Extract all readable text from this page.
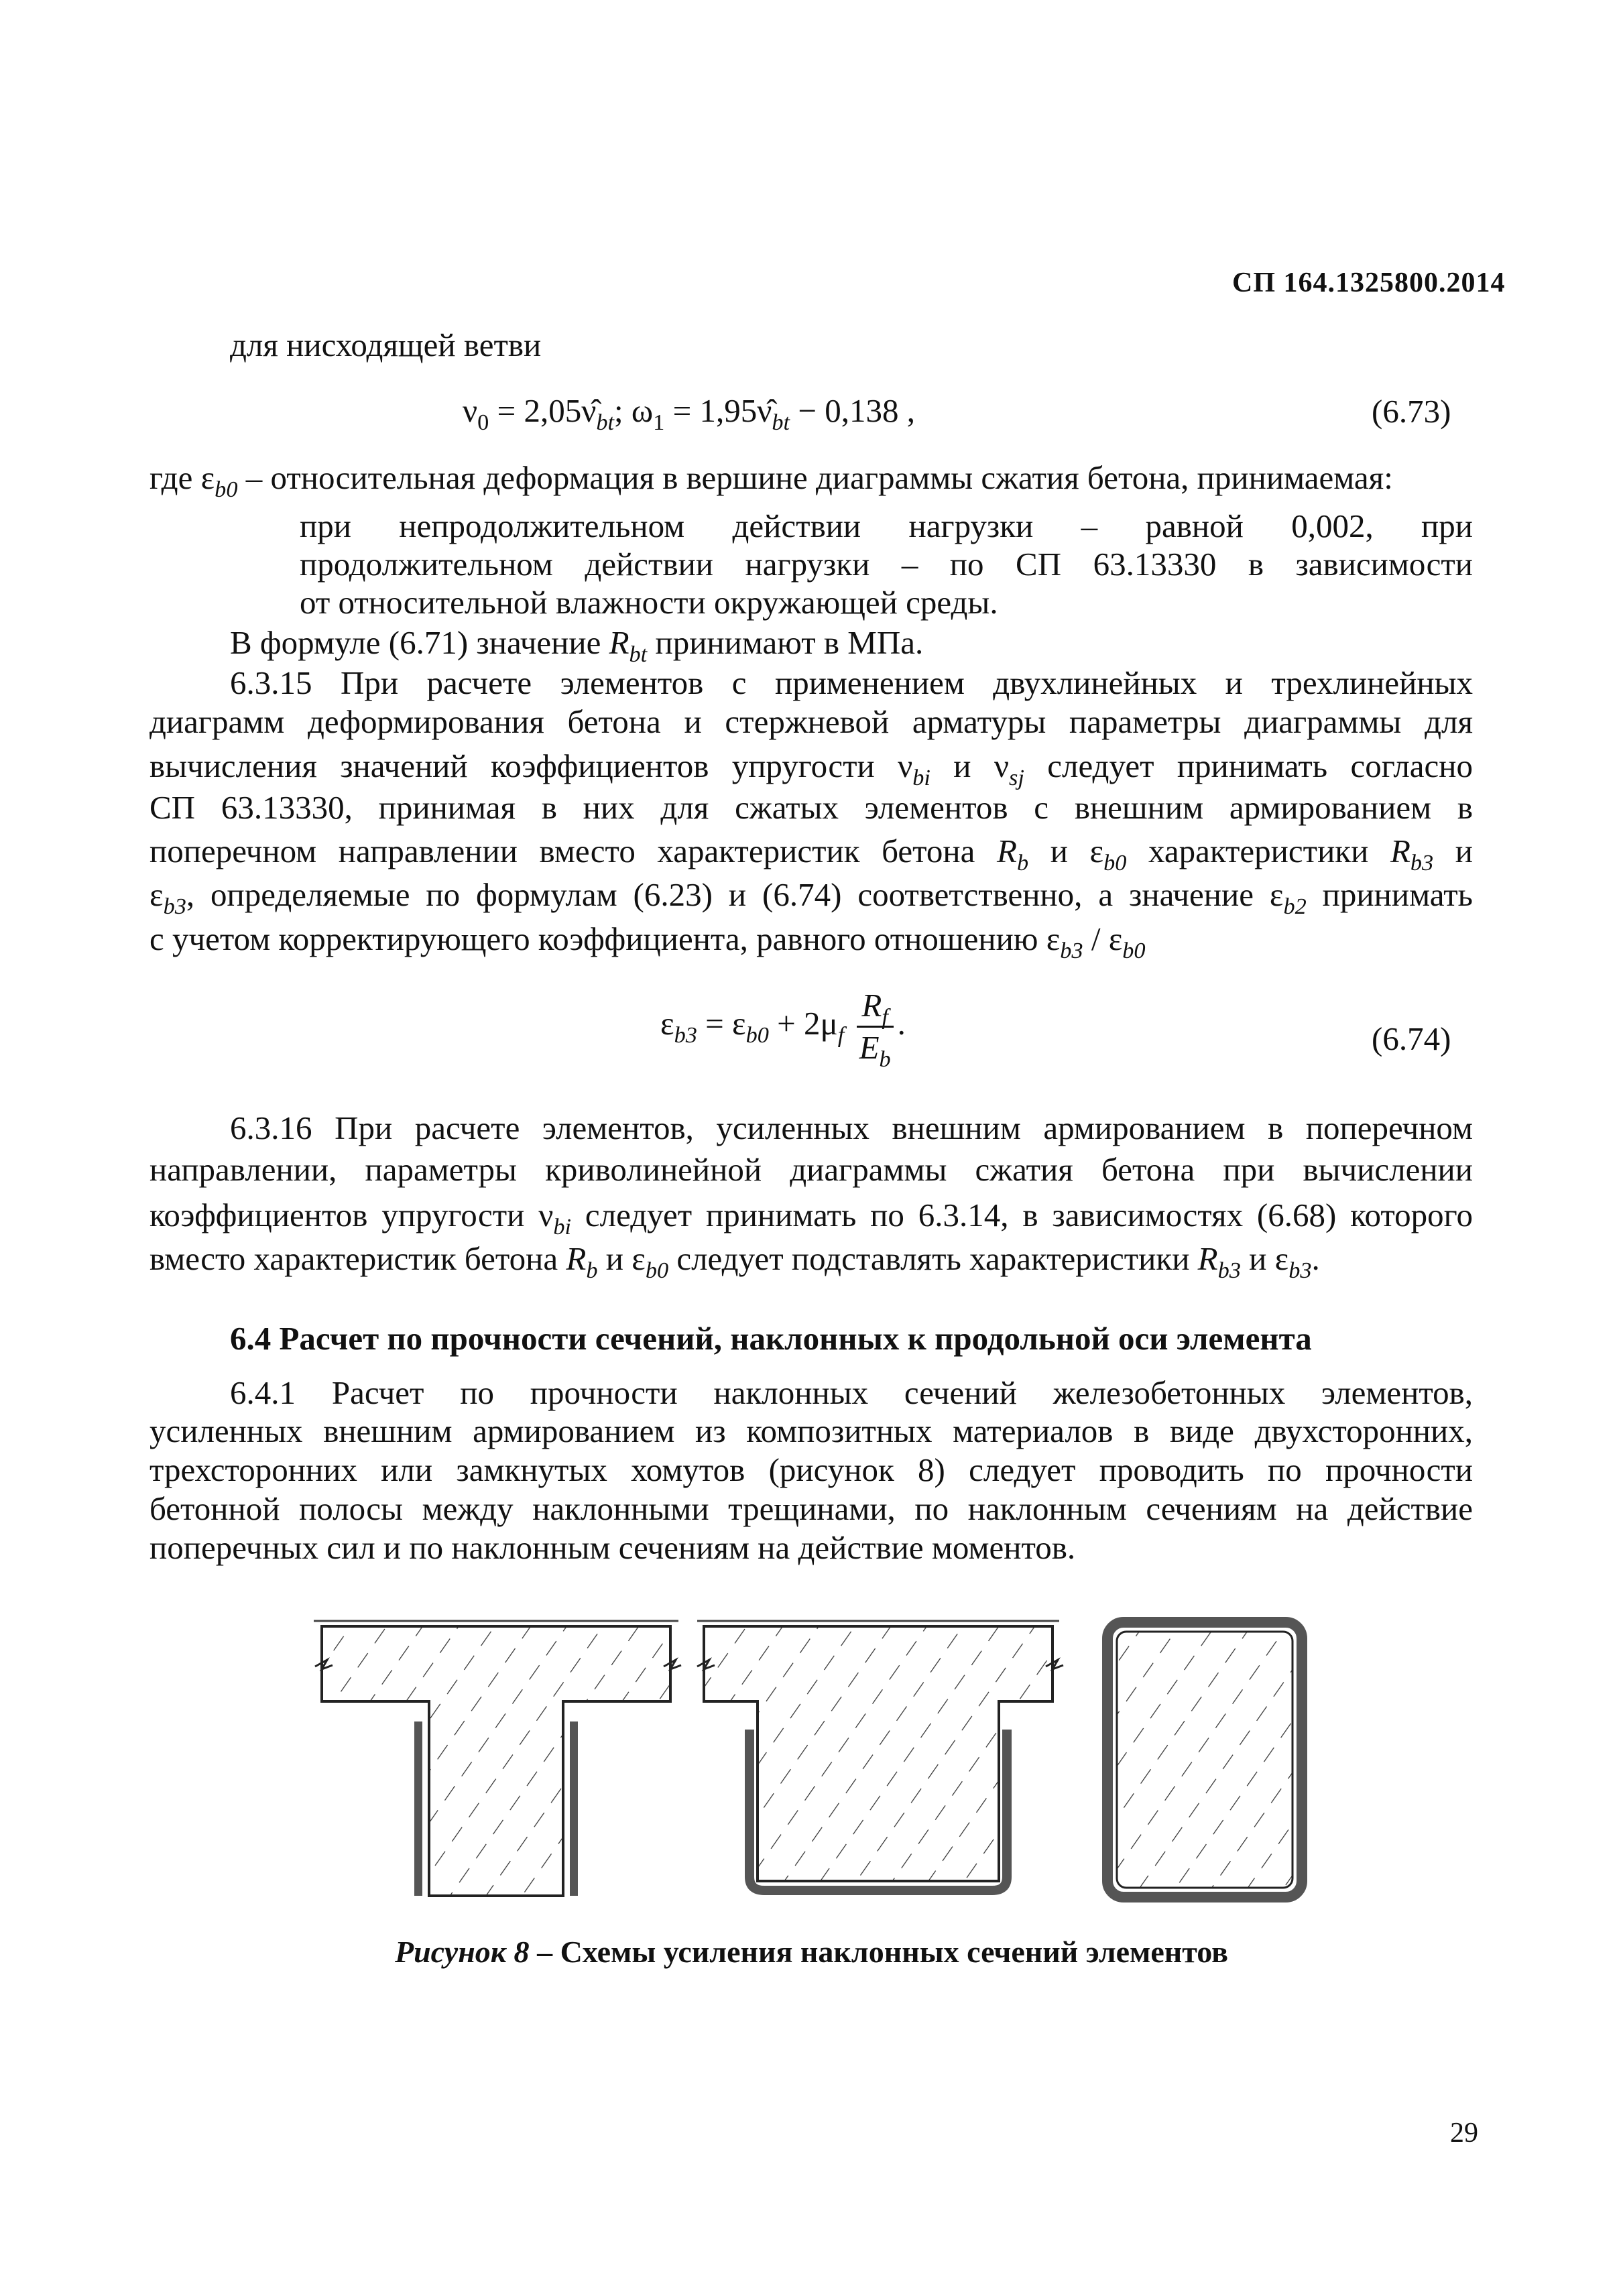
СП 164.1325800.2014
для нисходящей ветви
$\nu_0$ = $2,05\nû_{bt}$; $\omega_1$ = $1,95\nû_{bt} - 0,138$ ,	(6.73)
где $\varepsilon_{b0}$ – относительная деформация в вершине диаграммы сжатия бетона, принимаемая:
при непродолжительном действии нагрузки – равной 0,002, при
продолжительном действии нагрузки – по СП 63.13330 в зависимости
от относительной влажности окружающей среды.
В формуле (6.71) значение $R_{bt}$ принимают в МПа.
6.3.15 При расчете элементов с применением двухлинейных и трехлинейных
диаграмм деформирования бетона и стержневой арматуры параметры диаграммы для
вычисления значений коэффициентов упругости $\nu_{bi}$ и $\nu_{sj}$ следует принимать согласно
СП 63.13330, принимая в них для сжатых элементов с внешним армированием в
поперечном направлении вместо характеристик бетона $R_b$ и $\varepsilon_{b0}$ характеристики $R_{b3}$ и
$\varepsilon_{b3}$, определяемые по формулам (6.23) и (6.74) соответственно, а значение $\varepsilon_{b2}$ принимать
с учетом корректирующего коэффициента, равного отношению $\varepsilon_{b3} / \varepsilon_{b0}$
$\varepsilon_{b3} = \varepsilon_{b0} + 2\mu_f \frac{R_f}{E_b}$ .	(6.74)
6.3.16 При расчете элементов, усиленных внешним армированием в поперечном
направлении, параметры криволинейной диаграммы сжатия бетона при вычислении
коэффициентов упругости $\nu_{bi}$ следует принимать по 6.3.14, в зависимостях (6.68) которого
вместо характеристик бетона $R_b$ и $\varepsilon_{b0}$ следует подставлять характеристики $R_{b3}$ и $\varepsilon_{b3}$.
6.4 Расчет по прочности сечений, наклонных к продольной оси элемента
6.4.1 Расчет по прочности наклонных сечений железобетонных элементов,
усиленных внешним армированием из композитных материалов в виде двухсторонних,
трехсторонних или замкнутых хомутов (рисунок 8) следует проводить по прочности
бетонной полосы между наклонными трещинами, по наклонным сечениям на действие
поперечных сил и по наклонным сечениям на действие моментов.
Рисунок 8 – Схемы усиления наклонных сечений элементов
29
